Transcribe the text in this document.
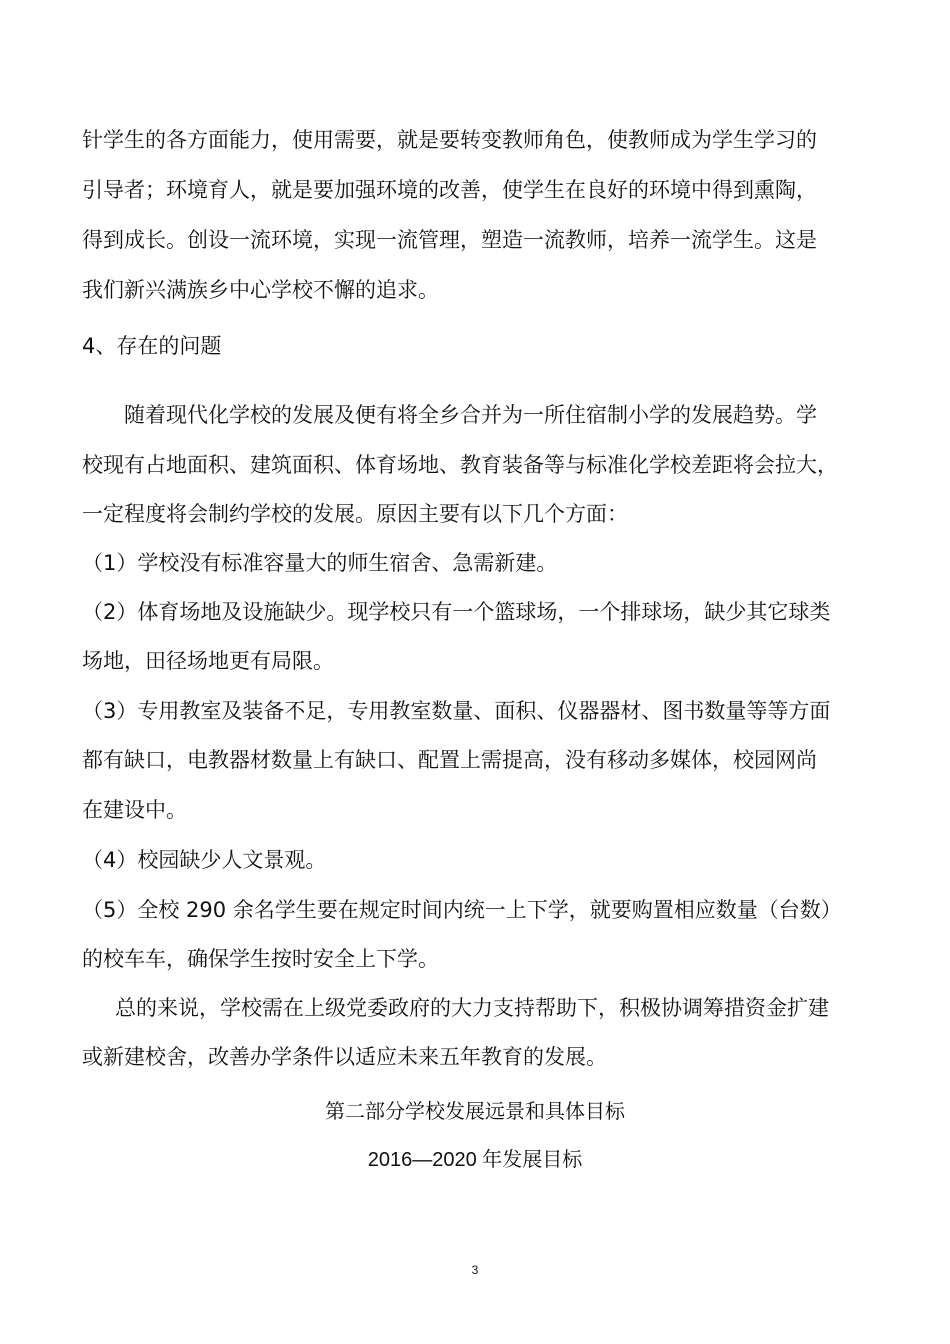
针学生的各方面能力，使用需要，就是要转变教师角色，使教师成为学生学习的
引导者；环境育人，就是要加强环境的改善，使学生在良好的环境中得到熏陶，
得到成长。创设一流环境，实现一流管理，塑造一流教师，培养一流学生。这是
我们新兴满族乡中心学校不懈的追求。
4、存在的问题
随着现代化学校的发展及便有将全乡合并为一所住宿制小学的发展趋势。学
校现有占地面积、建筑面积、体育场地、教育装备等与标准化学校差距将会拉大，
一定程度将会制约学校的发展。原因主要有以下几个方面：
（1）学校没有标准容量大的师生宿舍、急需新建。
（2）体育场地及设施缺少。现学校只有一个篮球场，一个排球场，缺少其它球类
场地，田径场地更有局限。
（3）专用教室及装备不足，专用教室数量、面积、仪器器材、图书数量等等方面
都有缺口，电教器材数量上有缺口、配置上需提高，没有移动多媒体，校园网尚
在建设中。
（4）校园缺少人文景观。
（5）全校 290 余名学生要在规定时间内统一上下学，就要购置相应数量（台数）
的校车车，确保学生按时安全上下学。
总的来说，学校需在上级党委政府的大力支持帮助下，积极协调筹措资金扩建
或新建校舍，改善办学条件以适应未来五年教育的发展。
第二部分学校发展远景和具体目标
2016—2020 年发展目标
3
